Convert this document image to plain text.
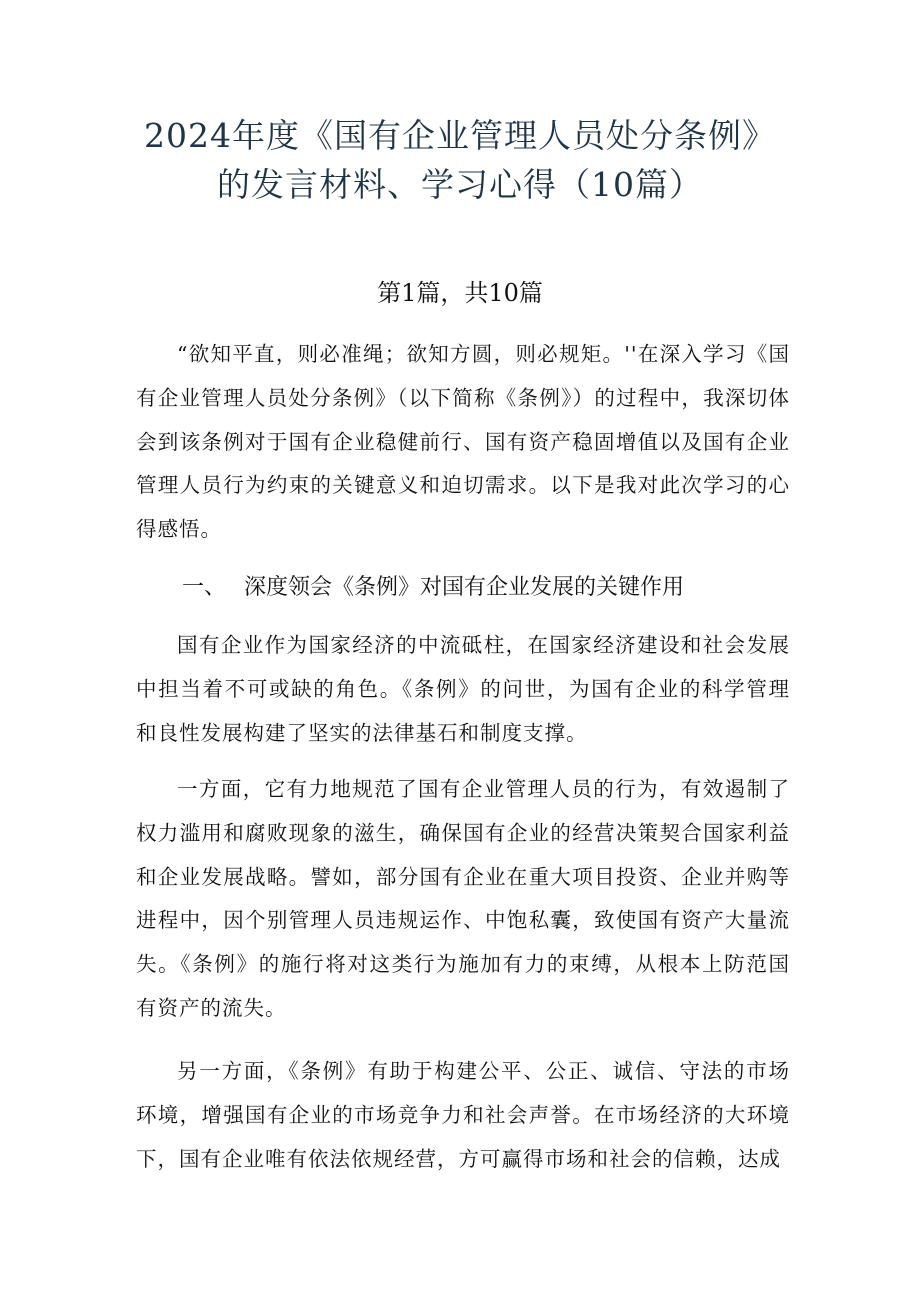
2024年度《国有企业管理人员处分条例》
的发言材料、学习心得（10篇）
第1篇，共10篇

“欲知平直，则必准绳；欲知方圆，则必规矩。''在深入学习《国有企业管理人员处分条例》（以下简称《条例》）的过程中，我深切体会到该条例对于国有企业稳健前行、国有资产稳固增值以及国有企业管理人员行为约束的关键意义和迫切需求。以下是我对此次学习的心得感悟。

一、 深度领会《条例》对国有企业发展的关键作用

国有企业作为国家经济的中流砥柱，在国家经济建设和社会发展中担当着不可或缺的角色。《条例》的问世，为国有企业的科学管理和良性发展构建了坚实的法律基石和制度支撑。

一方面，它有力地规范了国有企业管理人员的行为，有效遏制了权力滥用和腐败现象的滋生，确保国有企业的经营决策契合国家利益和企业发展战略。譬如，部分国有企业在重大项目投资、企业并购等进程中，因个别管理人员违规运作、中饱私囊，致使国有资产大量流失。《条例》的施行将对这类行为施加有力的束缚，从根本上防范国有资产的流失。

另一方面，《条例》有助于构建公平、公正、诚信、守法的市场环境，增强国有企业的市场竞争力和社会声誉。在市场经济的大环境下，国有企业唯有依法依规经营，方可赢得市场和社会的信赖，达成
